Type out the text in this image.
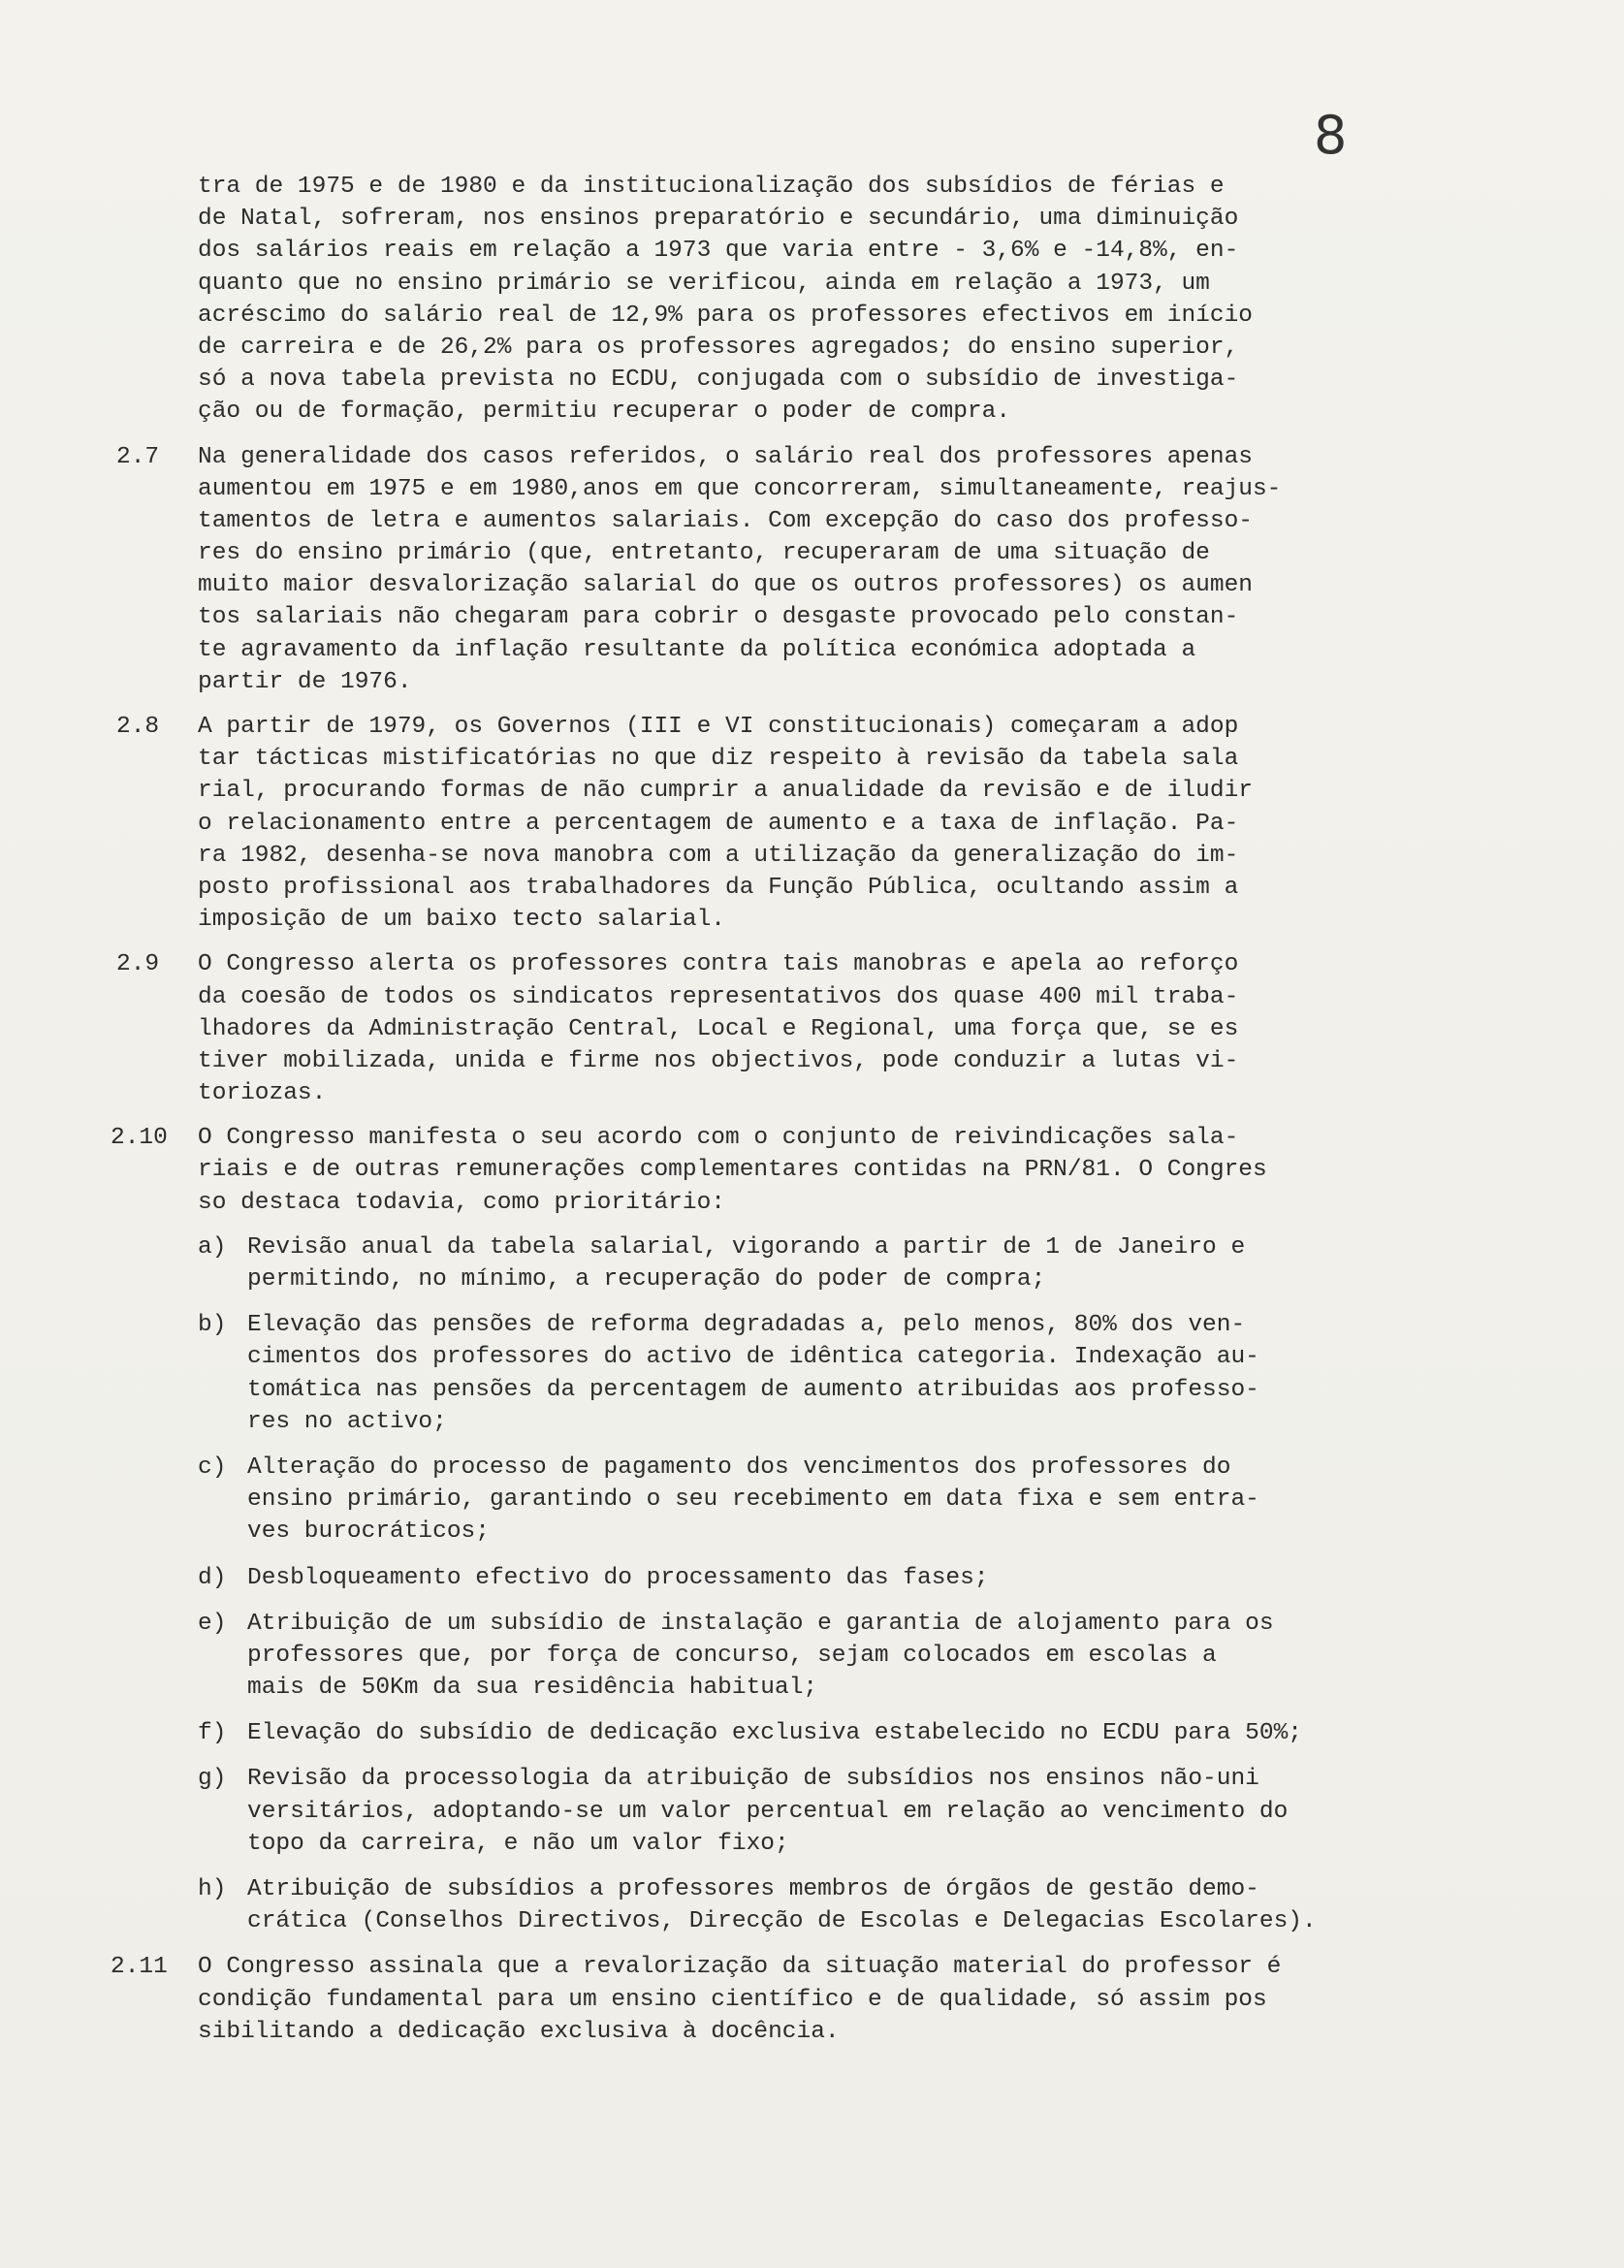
8
tra de 1975 e de 1980 e da institucionalização dos subsídios de férias e
de Natal, sofreram, nos ensinos preparatório e secundário, uma diminuição
dos salários reais em relação a 1973 que varia entre - 3,6% e -14,8%, en-
quanto que no ensino primário se verificou, ainda em relação a 1973, um
acréscimo do salário real de 12,9% para os professores efectivos em início
de carreira e de 26,2% para os professores agregados; do ensino superior,
só a nova tabela prevista no ECDU, conjugada com o subsídio de investiga-
ção ou de formação, permitiu recuperar o poder de compra.
2.7 Na generalidade dos casos referidos, o salário real dos professores apenas
aumentou em 1975 e em 1980,anos em que concorreram, simultaneamente, reajus-
tamentos de letra e aumentos salariais. Com excepção do caso dos professo-
res do ensino primário (que, entretanto, recuperaram de uma situação de
muito maior desvalorização salarial do que os outros professores) os aumen
tos salariais não chegaram para cobrir o desgaste provocado pelo constan-
te agravamento da inflação resultante da política económica adoptada a
partir de 1976.
2.8 A partir de 1979, os Governos (III e VI constitucionais) começaram a adop
tar tácticas mistificatórias no que diz respeito à revisão da tabela sala
rial, procurando formas de não cumprir a anualidade da revisão e de iludir
o relacionamento entre a percentagem de aumento e a taxa de inflação. Pa-
ra 1982, desenha-se nova manobra com a utilização da generalização do im-
posto profissional aos trabalhadores da Função Pública, ocultando assim a
imposição de um baixo tecto salarial.
2.9 O Congresso alerta os professores contra tais manobras e apela ao reforço
da coesão de todos os sindicatos representativos dos quase 400 mil traba-
lhadores da Administração Central, Local e Regional, uma força que, se es
tiver mobilizada, unida e firme nos objectivos, pode conduzir a lutas vi-
toriozas.
2.10 O Congresso manifesta o seu acordo com o conjunto de reivindicações sala-
riais e de outras remunerações complementares contidas na PRN/81. O Congres
so destaca todavia, como prioritário:
a) Revisão anual da tabela salarial, vigorando a partir de 1 de Janeiro e
permitindo, no mínimo, a recuperação do poder de compra;
b) Elevação das pensões de reforma degradadas a, pelo menos, 80% dos ven-
cimentos dos professores do activo de idêntica categoria. Indexação au-
tomática nas pensões da percentagem de aumento atribuidas aos professo-
res no activo;
c) Alteração do processo de pagamento dos vencimentos dos professores do
ensino primário, garantindo o seu recebimento em data fixa e sem entra-
ves burocráticos;
d) Desbloqueamento efectivo do processamento das fases;
e) Atribuição de um subsídio de instalação e garantia de alojamento para os
professores que, por força de concurso, sejam colocados em escolas a
mais de 50Km da sua residência habitual;
f) Elevação do subsídio de dedicação exclusiva estabelecido no ECDU para 50%;
g) Revisão da processologia da atribuição de subsídios nos ensinos não-uni
versitários, adoptando-se um valor percentual em relação ao vencimento do
topo da carreira, e não um valor fixo;
h) Atribuição de subsídios a professores membros de órgãos de gestão demo-
crática (Conselhos Directivos, Direcção de Escolas e Delegacias Escolares).
2.11 O Congresso assinala que a revalorização da situação material do professor é
condição fundamental para um ensino científico e de qualidade, só assim pos
sibilitando a dedicação exclusiva à docência.
